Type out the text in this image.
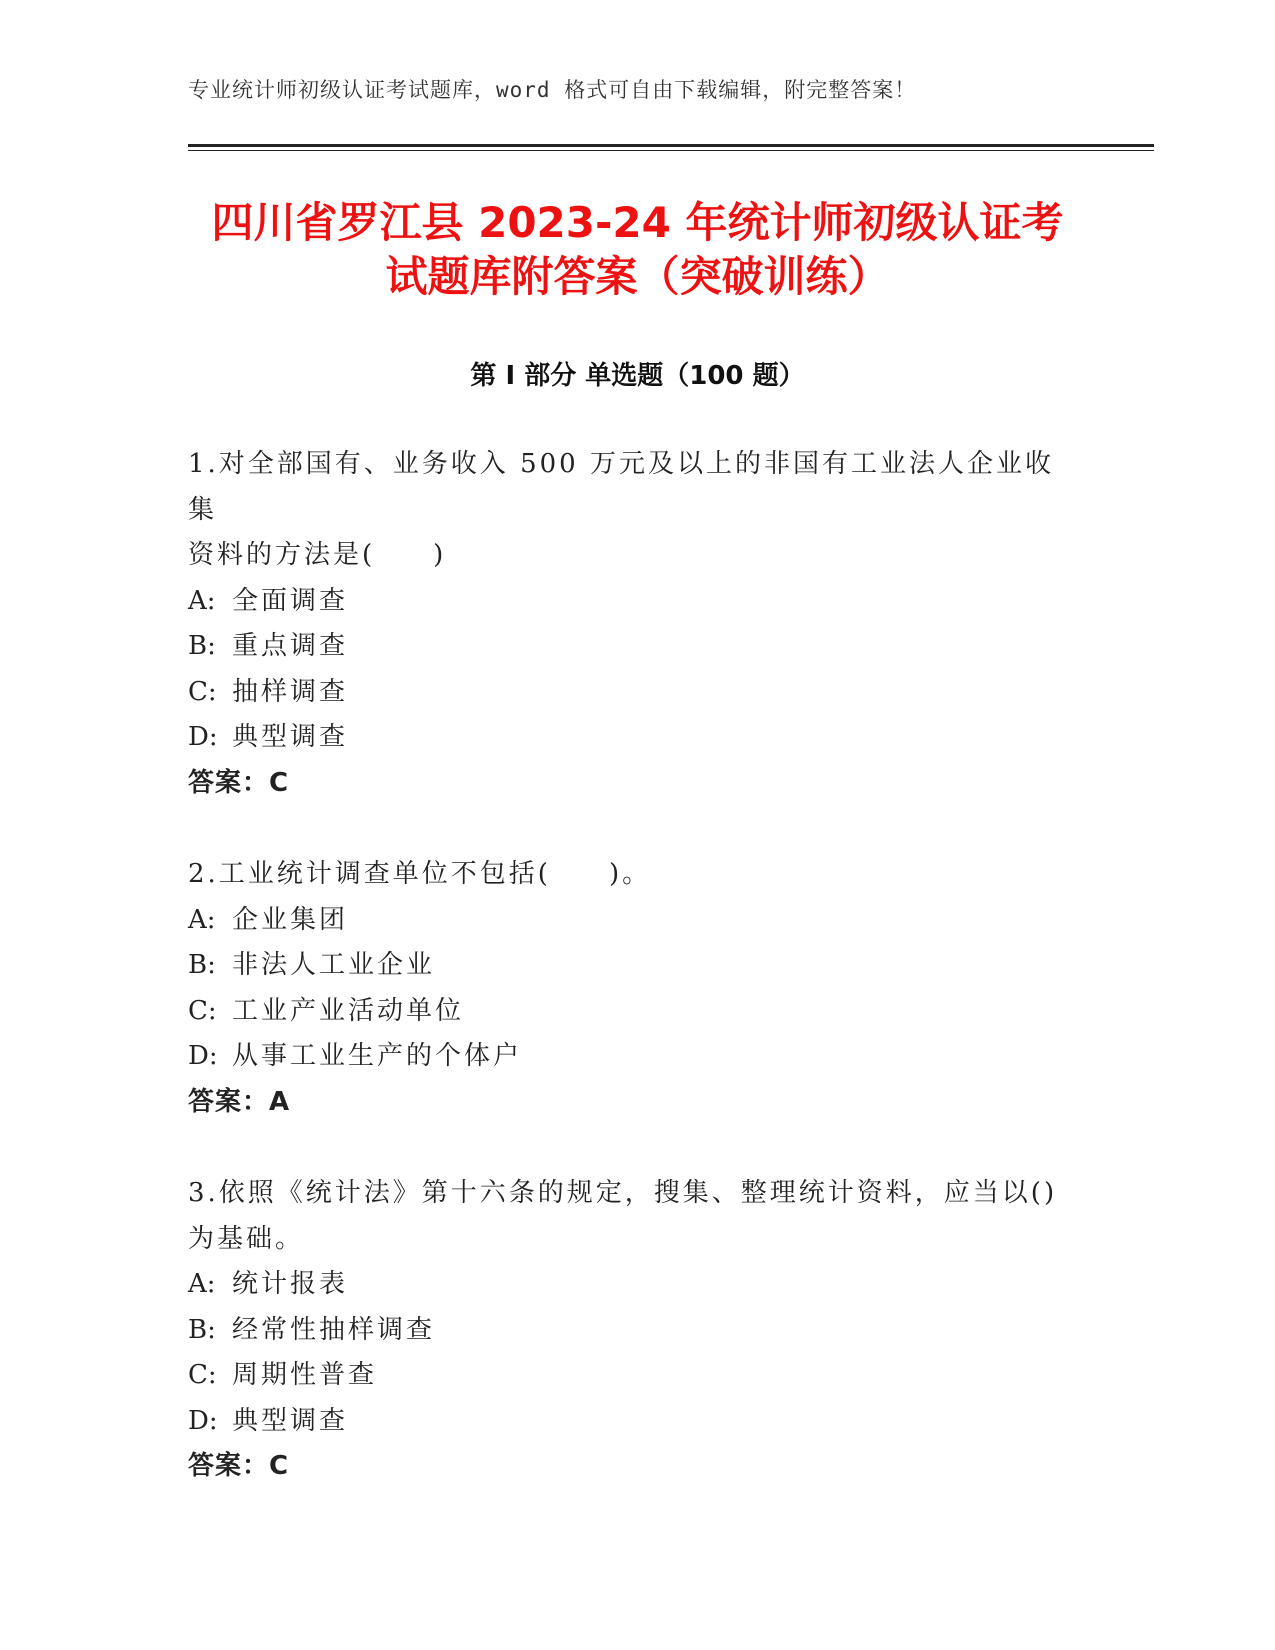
专业统计师初级认证考试题库，word 格式可自由下载编辑，附完整答案！
四川省罗江县 2023-24 年统计师初级认证考
试题库附答案（突破训练）
第 I 部分 单选题（100 题）

1.对全部国有、业务收入 500 万元及以上的非国有工业法人企业收集
资料的方法是(　　)

A: 全面调查

B: 重点调查

C: 抽样调查

D: 典型调查

答案：C

2.工业统计调查单位不包括(　　)。

A: 企业集团

B: 非法人工业企业

C: 工业产业活动单位

D: 从事工业生产的个体户

答案：A

3.依照《统计法》第十六条的规定，搜集、整理统计资料，应当以()
为基础。

A: 统计报表

B: 经常性抽样调查

C: 周期性普查

D: 典型调查

答案：C
